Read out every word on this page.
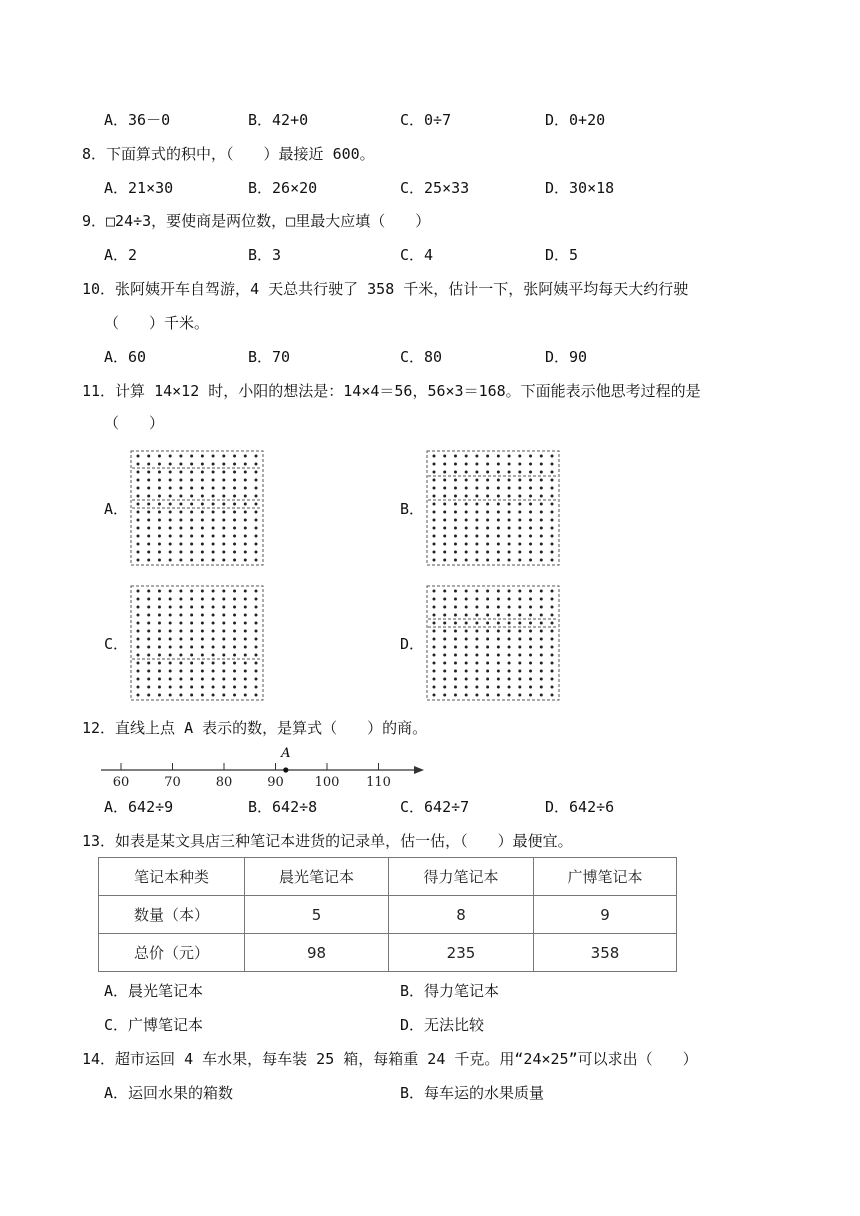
A．36－0	B．42+0	C．0÷7	D．0+20
8．下面算式的积中，（　　）最接近 600。
A．21×30	B．26×20	C．25×33	D．30×18
9．□24÷3，要使商是两位数，□里最大应填（　　）
A．2	B．3	C．4	D．5
10．张阿姨开车自驾游，4 天总共行驶了 358 千米，估计一下，张阿姨平均每天大约行驶
（　　）千米。
A．60	B．70	C．80	D．90
11．计算 14×12 时，小阳的想法是：14×4＝56，56×3＝168。下面能表示他思考过程的是
（　　）
A．	B．
C．	D．
12．直线上点 A 表示的数，是算式（　　）的商。
60	70	80	90 100 110
A
A．642÷9	B．642÷8	C．642÷7	D．642÷6
13．如表是某文具店三种笔记本进货的记录单，估一估，（　　）最便宜。
笔记本种类	晨光笔记本	得力笔记本	广博笔记本
数量（本）	5	8	9
总价（元）	98	235	358
A．晨光笔记本	B．得力笔记本
C．广博笔记本	D．无法比较
14．超市运回 4 车水果，每车装 25 箱，每箱重 24 千克。用“24×25”可以求出（　　）
A．运回水果的箱数	B．每车运的水果质量
